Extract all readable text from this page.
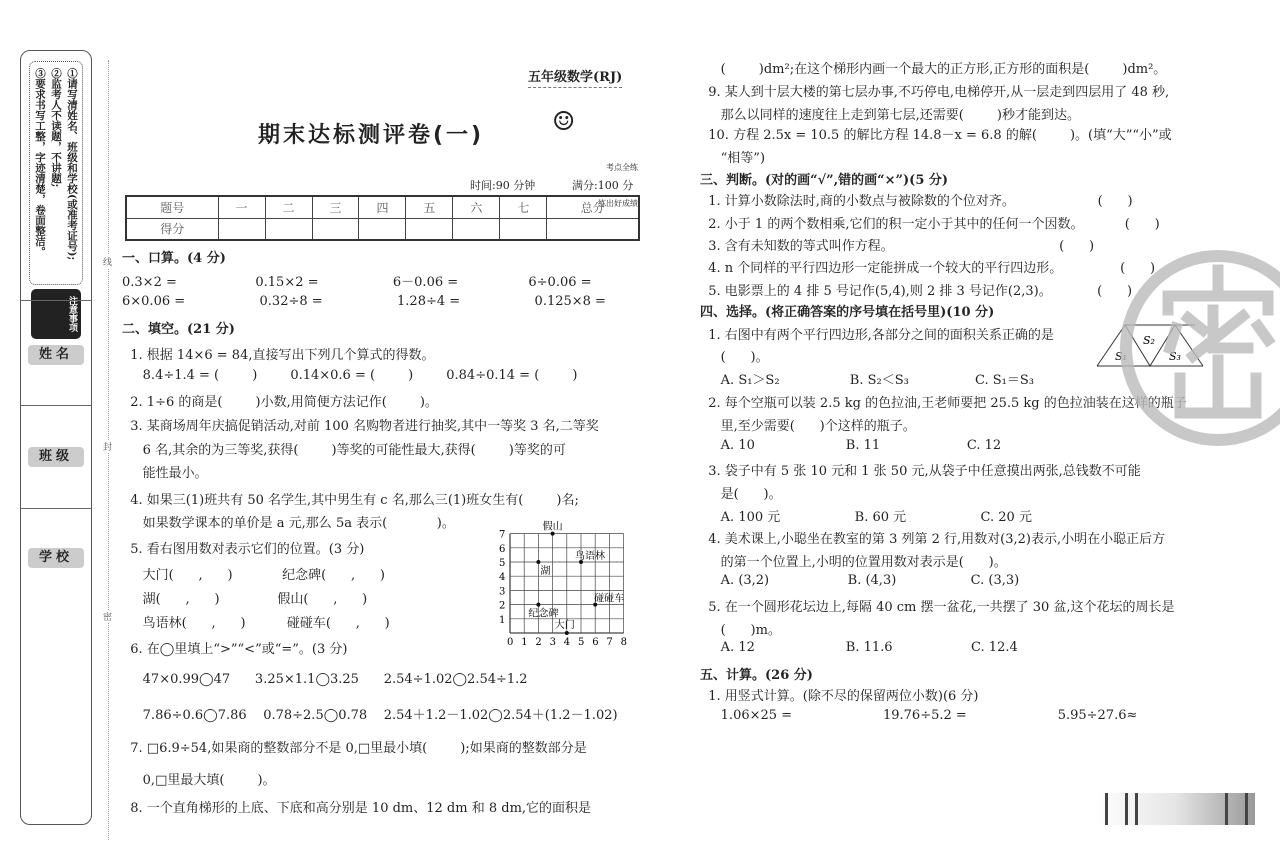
①请写清姓名、班级和学校(或准考证号);
②监考人不读题，不讲题;
③要求书写工整，字迹清楚，卷面整洁。
注意事项
姓名
班级
学校
线
封
密
五年级数学(RJ)
期末达标测评卷(一)

	☺

考点全练

练出好成绩

时间:90 分钟	满分:100 分
题号	一	二	三	四	五	六	七	总分
得分								
一、口算。(4 分)
0.3×2 =                   0.15×2 =                  6－0.06 =                 6÷0.06 =
6×0.06 =                  0.32÷8 =                  1.28÷4 =                  0.125×8 =
二、填空。(21 分)
1. 根据 14×6 = 84,直接写出下列几个算式的得数。
8.4÷1.4 = (        )        0.14×0.6 = (        )        0.84÷0.14 = (        )
2. 1÷6 的商是(        )小数,用简便方法记作(        )。
3. 某商场周年庆搞促销活动,对前 100 名购物者进行抽奖,其中一等奖 3 名,二等奖
6 名,其余的为三等奖,获得(        )等奖的可能性最大,获得(        )等奖的可
能性最小。
4. 如果三(1)班共有 50 名学生,其中男生有 c 名,那么三(1)班女生有(        )名;
如果数学课本的单价是 a 元,那么 5a 表示(            )。
5. 看右图用数对表示它们的位置。(3 分)
大门(      ,      )            纪念碑(      ,      )
湖(      ,      )              假山(      ,      )
鸟语林(      ,      )          碰碰车(      ,      )
6. 在◯里填上“>”“<”或“=”。(3 分)
47×0.99◯47      3.25×1.1◯3.25      2.54÷1.02◯2.54÷1.2
7.86÷0.6◯7.86    0.78÷2.5◯0.78    2.54＋1.2－1.02◯2.54＋(1.2－1.02)
7. □6.9÷54,如果商的整数部分不是 0,□里最小填(        );如果商的整数部分是
0,□里最大填(        )。
8. 一个直角梯形的上底、下底和高分别是 10 dm、12 dm 和 8 dm,它的面积是
(        )dm²;在这个梯形内画一个最大的正方形,正方形的面积是(        )dm²。
9. 某人到十层大楼的第七层办事,不巧停电,电梯停开,从一层走到四层用了 48 秒,
那么以同样的速度往上走到第七层,还需要(        )秒才能到达。
10. 方程 2.5x = 10.5 的解比方程 14.8－x = 6.8 的解(        )。(填“大”“小”或
“相等”)
三、判断。(对的画“√”,错的画“×”)(5 分)
1. 计算小数除法时,商的小数点与被除数的个位对齐。                    (      )
2. 小于 1 的两个数相乘,它们的积一定小于其中的任何一个因数。          (      )
3. 含有未知数的等式叫作方程。                                        (      )
4. n 个同样的平行四边形一定能拼成一个较大的平行四边形。              (      )
5. 电影票上的 4 排 5 号记作(5,4),则 2 排 3 号记作(2,3)。           (      )
四、选择。(将正确答案的序号填在括号里)(10 分)
1. 右图中有两个平行四边形,各部分之间的面积关系正确的是
(      )。
A. S₁＞S₂                 B. S₂＜S₃                C. S₁＝S₃
2. 每个空瓶可以装 2.5 kg 的色拉油,王老师要把 25.5 kg 的色拉油装在这样的瓶子
里,至少需要(      )个这样的瓶子。
A. 10                      B. 11                     C. 12
3. 袋子中有 5 张 10 元和 1 张 50 元,从袋子中任意摸出两张,总钱数不可能
是(      )。
A. 100 元                  B. 60 元                  C. 20 元
4. 美术课上,小聪坐在教室的第 3 列第 2 行,用数对(3,2)表示,小明在小聪正后方
的第一个位置上,小明的位置用数对表示是(      )。
A. (3,2)                   B. (4,3)                  C. (3,3)
5. 在一个圆形花坛边上,每隔 40 cm 摆一盆花,一共摆了 30 盆,这个花坛的周长是
(      )m。
A. 12                      B. 11.6                   C. 12.4
五、计算。(26 分)
1. 用竖式计算。(除不尽的保留两位小数)(6 分)
1.06×25 =                      19.76÷5.2 =                      5.95÷27.6≈
0 1 2 3 4 5 6 7 8
1
2
3
4
5
6
7
假山
鸟语林
湖
碰碰车
纪念碑
大门
S₁
S₂
S₃
